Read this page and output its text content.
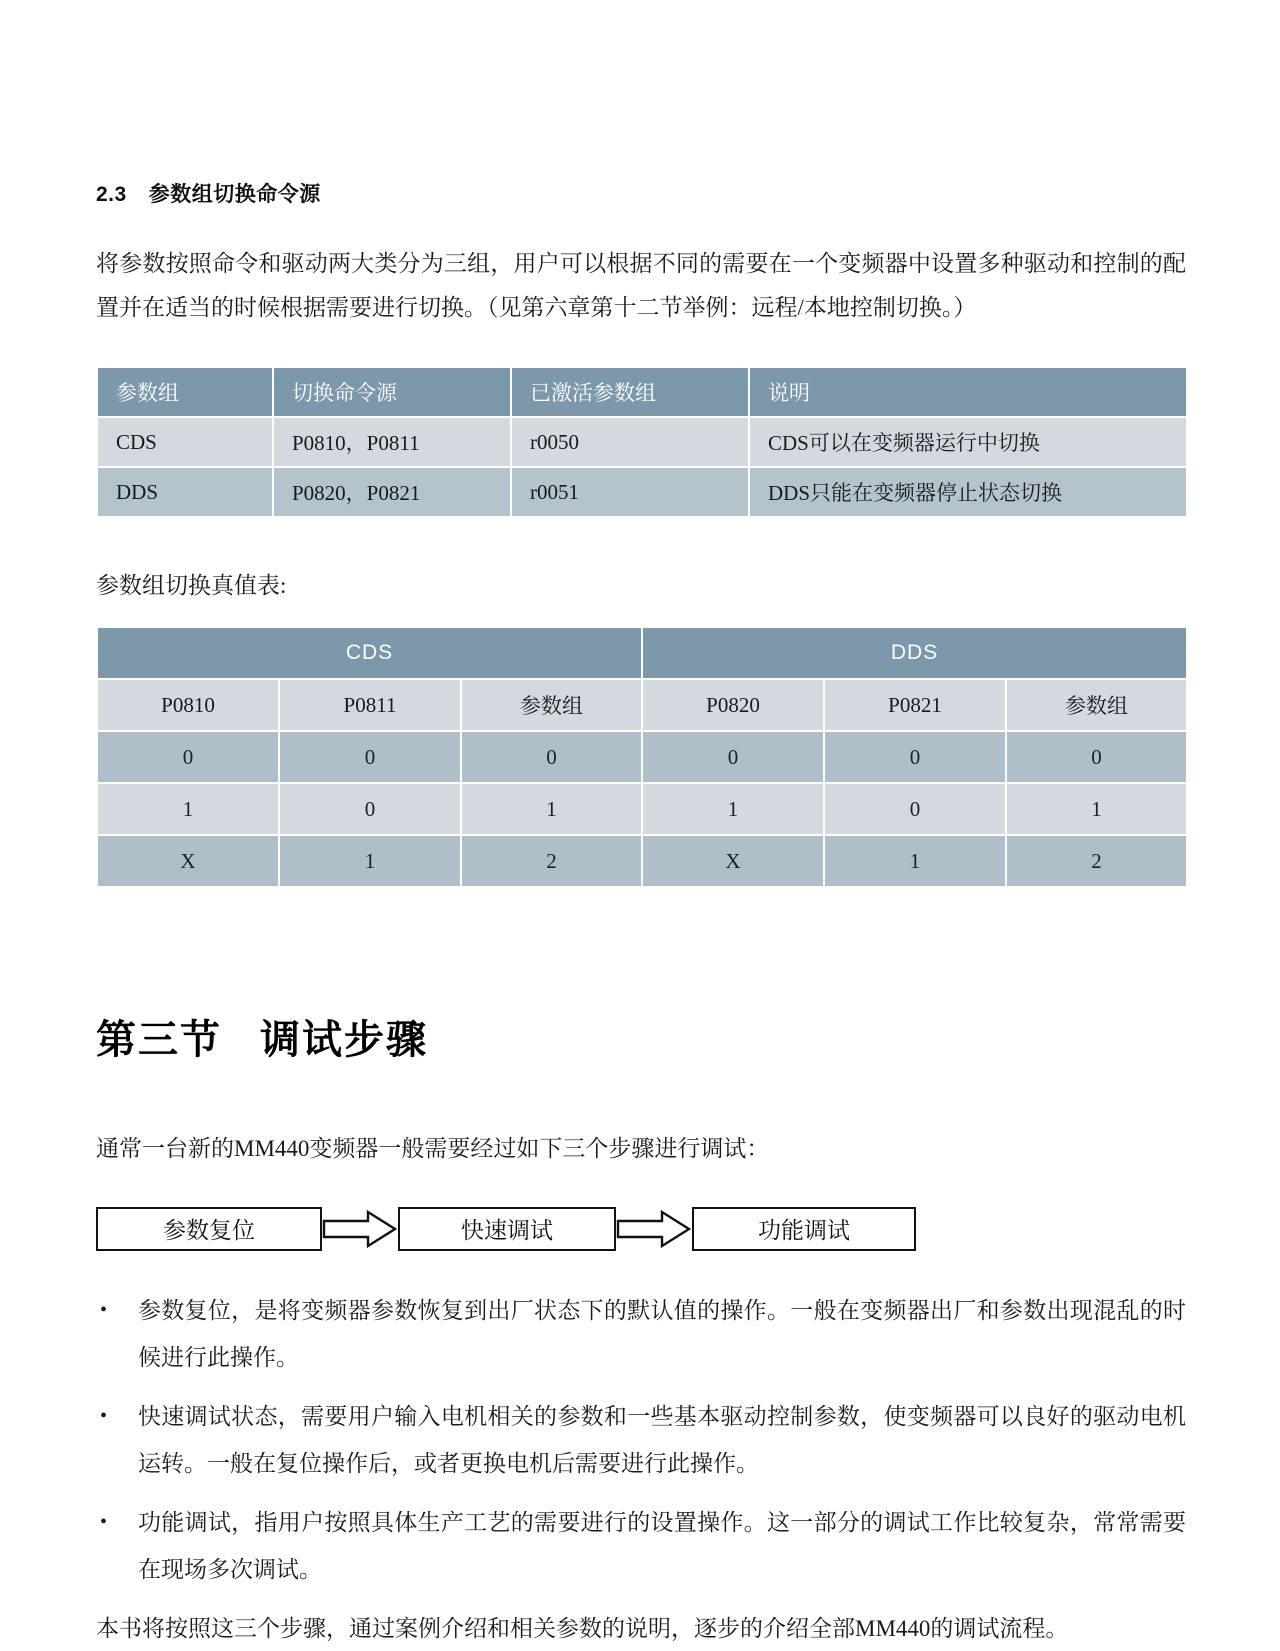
2.3 参数组切换命令源

将参数按照命令和驱动两大类分为三组，用户可以根据不同的需要在一个变频器中设置多种驱动和控制的配置并在适当的时候根据需要进行切换。（见第六章第十二节举例：远程/本地控制切换。）

参数组	切换命令源	已激活参数组	说明
CDS	P0810，P0811	r0050	CDS可以在变频器运行中切换
DDS	P0820，P0821	r0051	DDS只能在变频器停止状态切换

参数组切换真值表:

CDS			DDS		
P0810	P0811	参数组	P0820	P0821	参数组
0	0	0	0	0	0
1	0	1	1	0	1
X	1	2	X	1	2
第三节 调试步骤

通常一台新的MM440变频器一般需要经过如下三个步骤进行调试：

参数复位	快速调试	功能调试
• 参数复位，是将变频器参数恢复到出厂状态下的默认值的操作。一般在变频器出厂和参数出现混乱的时候进行此操作。
• 快速调试状态，需要用户输入电机相关的参数和一些基本驱动控制参数，使变频器可以良好的驱动电机运转。一般在复位操作后，或者更换电机后需要进行此操作。
• 功能调试，指用户按照具体生产工艺的需要进行的设置操作。这一部分的调试工作比较复杂，常常需要在现场多次调试。

本书将按照这三个步骤，通过案例介绍和相关参数的说明，逐步的介绍全部MM440的调试流程。
